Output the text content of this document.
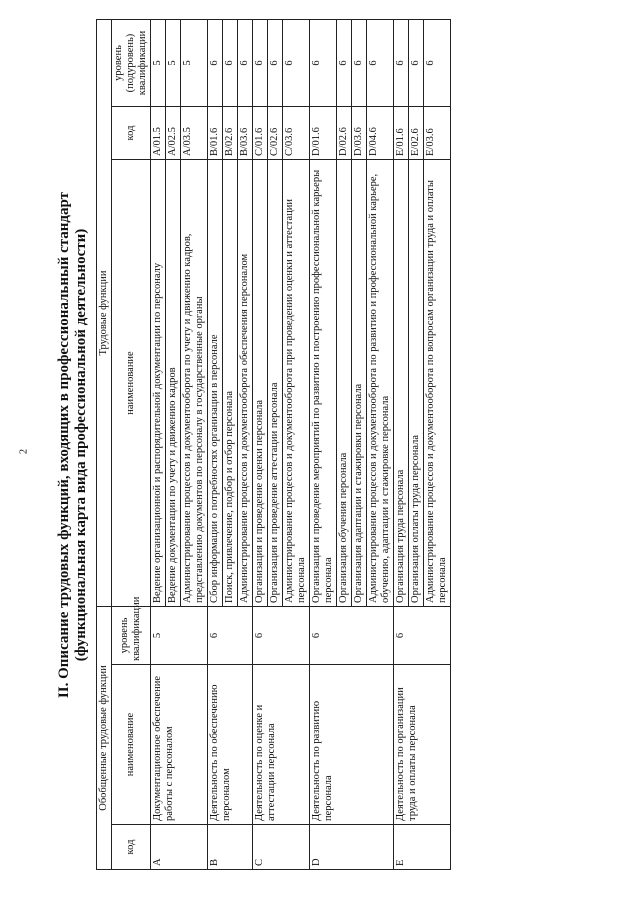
2 II. Описание трудовых функций, входящих в профессиональный стандарт (функциональная карта вида профессиональной деятельности)
Обобщенные трудовые функции			Трудовые функции		
код	наименование	уровень квалификации	наименование	код	уровень (подуровень) квалификации
A	Документационное обеспечение работы с персоналом	5	Ведение организационной и распорядительной документации по персоналу	A/01.5	5
			Ведение документации по учету и движению кадров	A/02.5	5
			Администрирование процессов и документооборота по учету и движению кадров, представлению документов по персоналу в государственные органы	A/03.5	5
B	Деятельность по обеспечению персоналом	6	Сбор информации о потребностях организации в персонале	B/01.6	6
			Поиск, привлечение, подбор и отбор персонала	B/02.6	6
			Администрирование процессов и документооборота обеспечения персоналом	B/03.6	6
C	Деятельность по оценке и аттестации персонала	6	Организация и проведение оценки персонала	C/01.6	6
			Организация и проведение аттестации персонала	C/02.6	6
			Администрирование процессов и документооборота при проведении оценки и аттестации персонала	C/03.6	6
D	Деятельность по развитию персонала	6	Организация и проведение мероприятий по развитию и построению профессиональной карьеры персонала	D/01.6	6
			Организация обучения персонала	D/02.6	6
			Организация адаптации и стажировки персонала	D/03.6	6
			Администрирование процессов и документооборота по развитию и профессиональной карьере, обучению, адаптации и стажировке персонала	D/04.6	6
E	Деятельность по организации труда и оплаты персонала	6	Организация труда персонала	E/01.6	6
			Организация оплаты труда персонала	E/02.6	6
			Администрирование процессов и документооборота по вопросам организации труда и оплаты персонала	E/03.6	6
